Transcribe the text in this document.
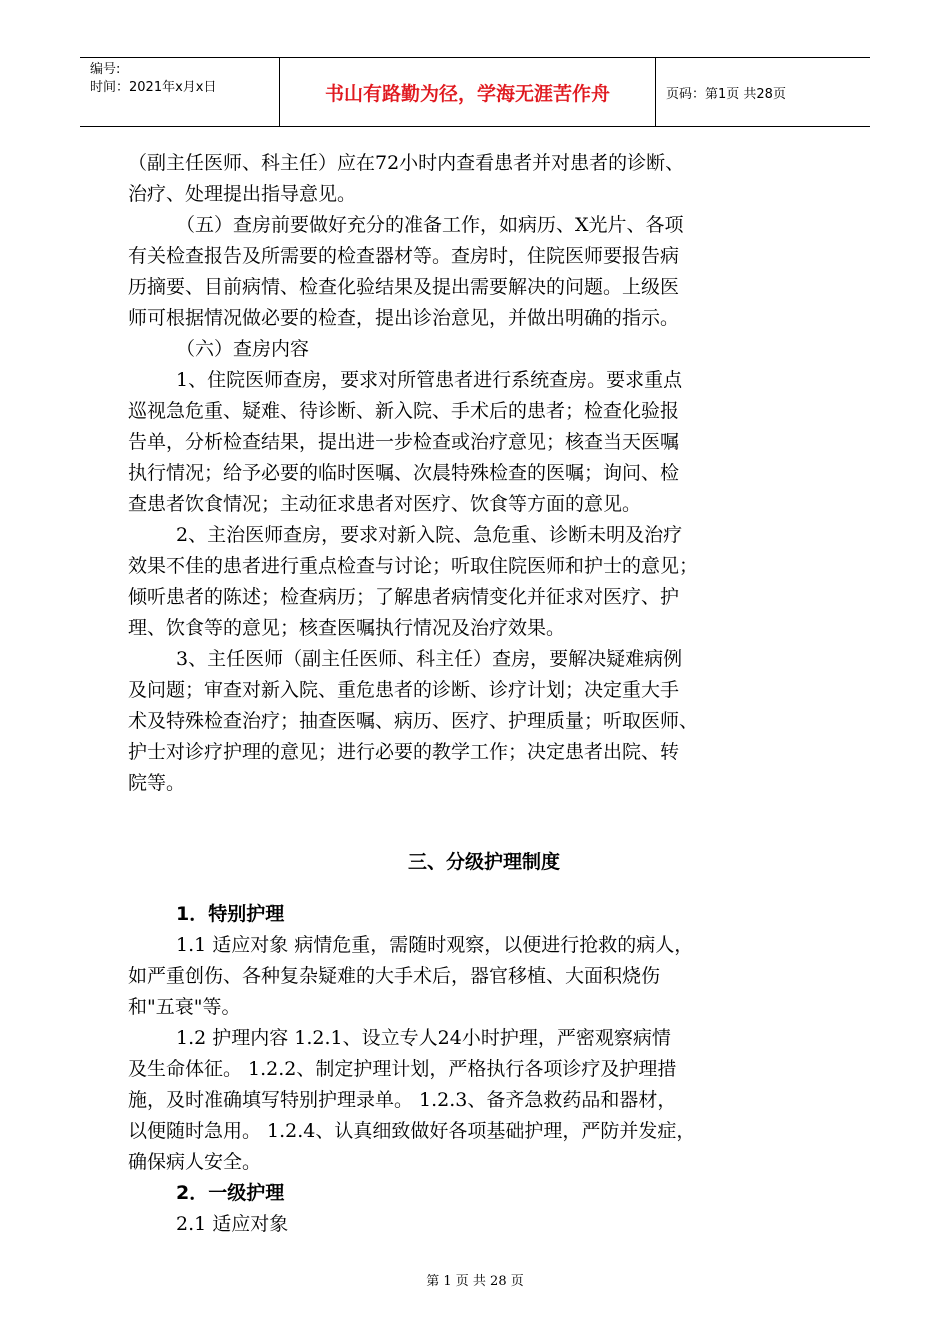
编号:
时间：2021年x月x日	书山有路勤为径，学海无涯苦作舟	页码：第1页 共28页
（副主任医师、科主任）应在72小时内查看患者并对患者的诊断、
治疗、处理提出指导意见。
（五）查房前要做好充分的准备工作，如病历、X光片、各项
有关检查报告及所需要的检查器材等。查房时，住院医师要报告病
历摘要、目前病情、检查化验结果及提出需要解决的问题。上级医
师可根据情况做必要的检查，提出诊治意见，并做出明确的指示。
（六）查房内容
1、住院医师查房，要求对所管患者进行系统查房。要求重点
巡视急危重、疑难、待诊断、新入院、手术后的患者；检查化验报
告单，分析检查结果，提出进一步检查或治疗意见；核查当天医嘱
执行情况；给予必要的临时医嘱、次晨特殊检查的医嘱；询问、检
查患者饮食情况；主动征求患者对医疗、饮食等方面的意见。
2、主治医师查房，要求对新入院、急危重、诊断未明及治疗
效果不佳的患者进行重点检查与讨论；听取住院医师和护士的意见；
倾听患者的陈述；检查病历；了解患者病情变化并征求对医疗、护
理、饮食等的意见；核查医嘱执行情况及治疗效果。
3、主任医师（副主任医师、科主任）查房，要解决疑难病例
及问题；审查对新入院、重危患者的诊断、诊疗计划；决定重大手
术及特殊检查治疗；抽查医嘱、病历、医疗、护理质量；听取医师、
护士对诊疗护理的意见；进行必要的教学工作；决定患者出院、转
院等。
三、分级护理制度
1．特别护理
1.1 适应对象 病情危重，需随时观察，以便进行抢救的病人，
如严重创伤、各种复杂疑难的大手术后，器官移植、大面积烧伤
和"五衰"等。
1.2 护理内容 1.2.1、设立专人24小时护理，严密观察病情
及生命体征。 1.2.2、制定护理计划，严格执行各项诊疗及护理措
施，及时准确填写特别护理录单。 1.2.3、备齐急救药品和器材，
以便随时急用。 1.2.4、认真细致做好各项基础护理，严防并发症，
确保病人安全。
2．一级护理
2.1 适应对象
第 1 页 共 28 页
